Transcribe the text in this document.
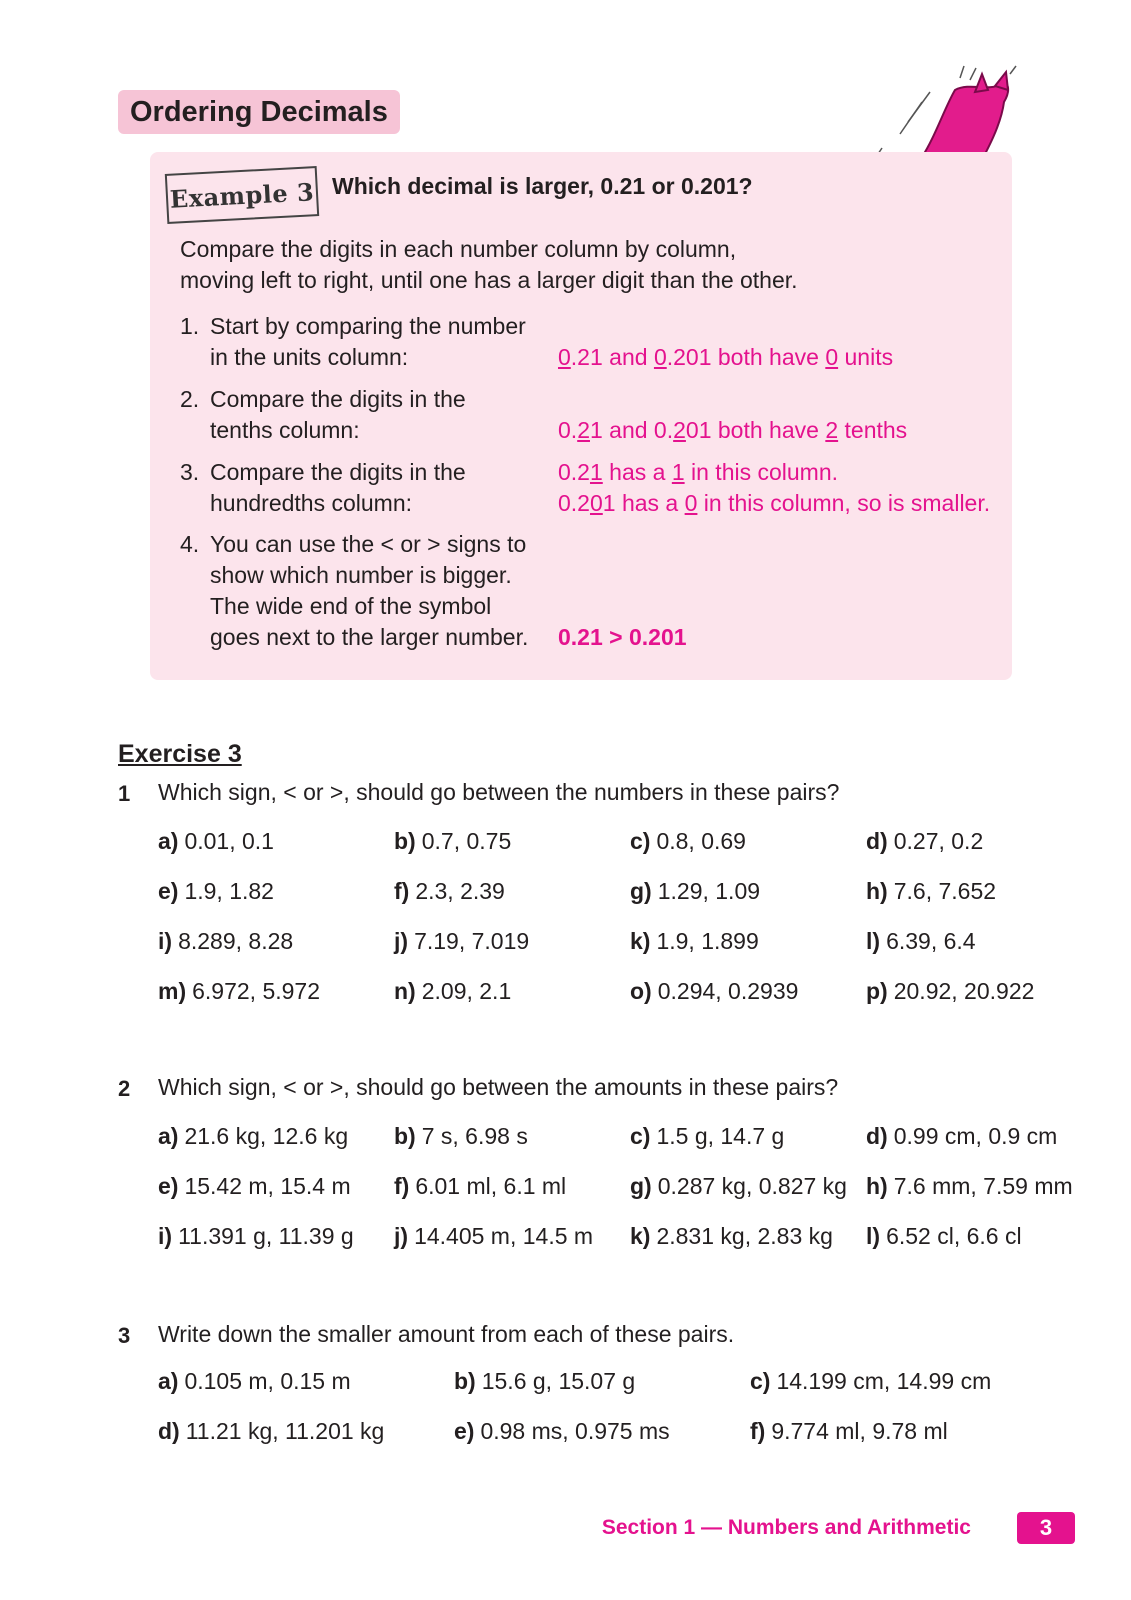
Ordering Decimals
Example 3 Which decimal is larger, 0.21 or 0.201?
Compare the digits in each number column by column,
moving left to right, until one has a larger digit than the other.
1. Start by comparing the number
in the units column:	0.21 and 0.201 both have 0 units
2. Compare the digits in the
tenths column:	0.21 and 0.201 both have 2 tenths
3. Compare the digits in the
hundredths column:
0.21 has a 1 in this column.
0.201 has a 0 in this column, so is smaller.
4. You can use the < or > signs to
show which number is bigger.
The wide end of the symbol
goes next to the larger number. 0.21 > 0.201
Exercise 3
1 Which sign, < or >, should go between the numbers in these pairs?
a) 0.01, 0.1	b) 0.7, 0.75	c) 0.8, 0.69	d) 0.27, 0.2
e) 1.9, 1.82	f) 2.3, 2.39	g) 1.29, 1.09	h) 7.6, 7.652
i) 8.289, 8.28	j) 7.19, 7.019	k) 1.9, 1.899	l) 6.39, 6.4
m) 6.972, 5.972	n) 2.09, 2.1	o) 0.294, 0.2939	p) 20.92, 20.922
2 Which sign, < or >, should go between the amounts in these pairs?
a) 21.6 kg, 12.6 kg b) 7 s, 6.98 s	c) 1.5 g, 14.7 g	d) 0.99 cm, 0.9 cm
e) 15.42 m, 15.4 m f) 6.01 ml, 6.1 ml	g) 0.287 kg, 0.827 kg h) 7.6 mm, 7.59 mm
i) 11.391 g, 11.39 g j) 14.405 m, 14.5 m k) 2.831 kg, 2.83 kg l) 6.52 cl, 6.6 cl
3 Write down the smaller amount from each of these pairs.
a) 0.105 m, 0.15 m	b) 15.6 g, 15.07 g	c) 14.199 cm, 14.99 cm
d) 11.21 kg, 11.201 kg	e) 0.98 ms, 0.975 ms	f) 9.774 ml, 9.78 ml
Section 1 — Numbers and Arithmetic	3
